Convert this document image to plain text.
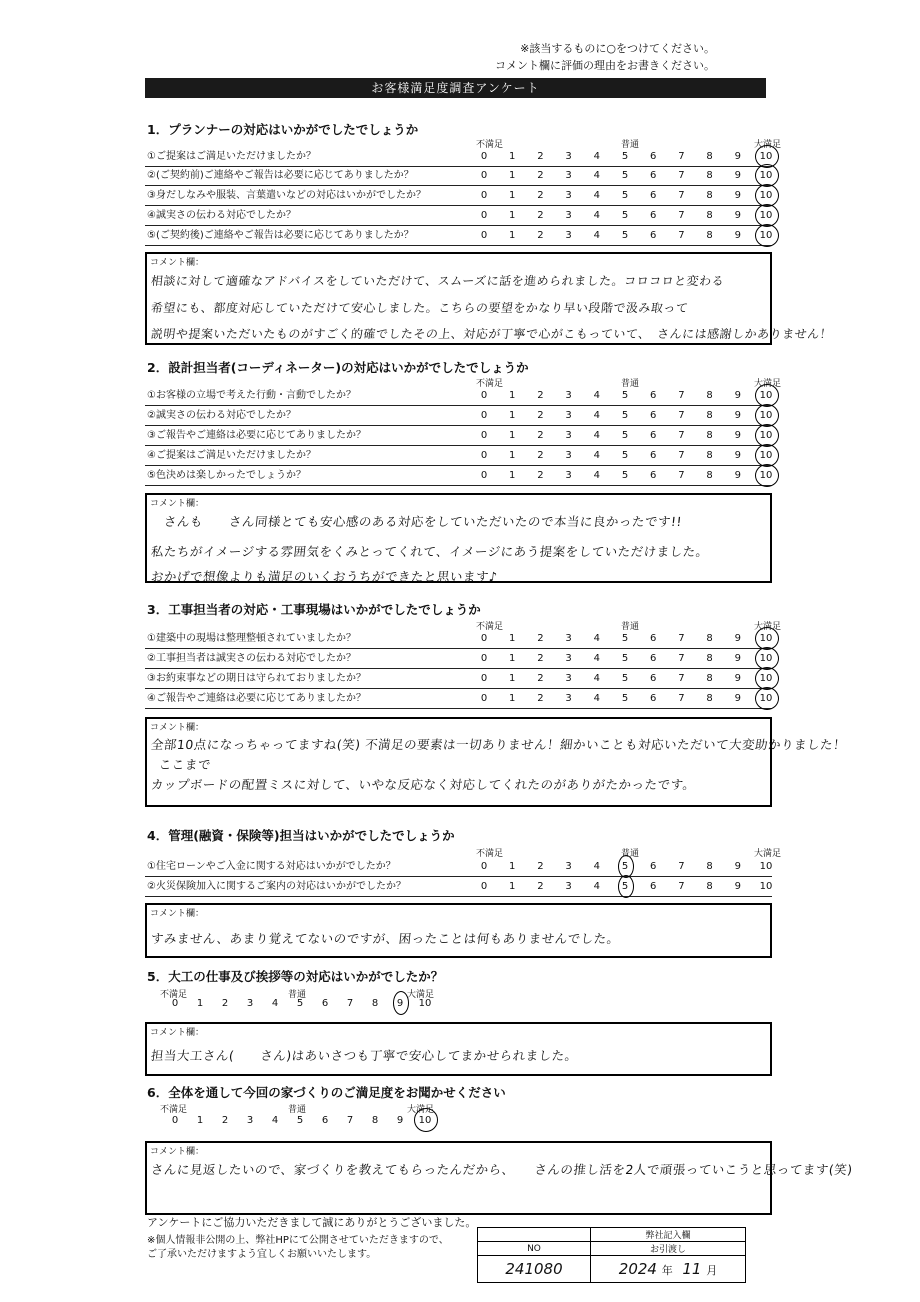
※該当するものに○をつけてください。
コメント欄に評価の理由をお書きください。
お客様満足度調査アンケート
1．プランナーの対応はいかがでしたでしょうか
不満足	普通	大満足
①ご提案はご満足いただけましたか？	0	1	2	3	4	5	6	7	8	9	10
②(ご契約前)ご連絡やご報告は必要に応じてありましたか？	0	1	2	3	4	5	6	7	8	9	10
③身だしなみや服装、言葉遣いなどの対応はいかがでしたか？	0	1	2	3	4	5	6	7	8	9	10
④誠実さの伝わる対応でしたか？	0	1	2	3	4	5	6	7	8	9	10
⑤(ご契約後)ご連絡やご報告は必要に応じてありましたか？	0	1	2	3	4	5	6	7	8	9	10
コメント欄：
相談に対して適確なアドバイスをしていただけて、スムーズに話を進められました。コロコロと変わる
希望にも、都度対応していただけて安心しました。こちらの要望をかなり早い段階で汲み取って
説明や提案いただいたものがすごく的確でしたその上、対応が丁寧で心がこもっていて、　さんには感謝しかありません！
2．設計担当者(コーディネーター)の対応はいかがでしたでしょうか
不満足	普通	大満足
①お客様の立場で考えた行動・言動でしたか？	0	1	2	3	4	5	6	7	8	9	10
②誠実さの伝わる対応でしたか？	0	1	2	3	4	5	6	7	8	9	10
③ご報告やご連絡は必要に応じてありましたか？	0	1	2	3	4	5	6	7	8	9	10
④ご提案はご満足いただけましたか？	0	1	2	3	4	5	6	7	8	9	10
⑤色決めは楽しかったでしょうか？	0	1	2	3	4	5	6	7	8	9	10
コメント欄：
　さんも　　さん同様とても安心感のある対応をしていただいたので本当に良かったです!!
私たちがイメージする雰囲気をくみとってくれて、イメージにあう提案をしていただけました。
おかげで想像よりも満足のいくおうちができたと思います♪
3．工事担当者の対応・工事現場はいかがでしたでしょうか
不満足	普通	大満足
①建築中の現場は整理整頓されていましたか？	0	1	2	3	4	5	6	7	8	9	10
②工事担当者は誠実さの伝わる対応でしたか？	0	1	2	3	4	5	6	7	8	9	10
③お約束事などの期日は守られておりましたか？	0	1	2	3	4	5	6	7	8	9	10
④ご報告やご連絡は必要に応じてありましたか？	0	1	2	3	4	5	6	7	8	9	10
コメント欄：
全部10点になっちゃってますね(笑) 不満足の要素は一切ありません！細かいことも対応いただいて大変助かりました！
ここまで
カップボードの配置ミスに対して、いやな反応なく対応してくれたのがありがたかったです。
4．管理(融資・保険等)担当はいかがでしたでしょうか
不満足	普通	大満足
①住宅ローンやご入金に関する対応はいかがでしたか？	0	1	2	3	4	5	6	7	8	9	10
②火災保険加入に関するご案内の対応はいかがでしたか？	0	1	2	3	4	5	6	7	8	9	10
コメント欄：
すみません、あまり覚えてないのですが、困ったことは何もありませんでした。
5．大工の仕事及び挨拶等の対応はいかがでしたか？
不満足	普通	大満足
0	1	2	3	4	5	6	7	8	9	10
コメント欄：
担当大工さん(　　さん)はあいさつも丁寧で安心してまかせられました。
6．全体を通して今回の家づくりのご満足度をお聞かせください
不満足	普通	大満足
0	1	2	3	4	5	6	7	8	9	10
コメント欄：
さんに見返したいので、家づくりを教えてもらったんだから、　　さんの推し活を2人で頑張っていこうと思ってます(笑)
アンケートにご協力いただきまして誠にありがとうございました。
※個人情報非公開の上、弊社HPにて公開させていただきますので、
ご了承いただけますよう宜しくお願いいたします。
	弊社記入欄
NO	お引渡し
241080	2024 年 11 月
